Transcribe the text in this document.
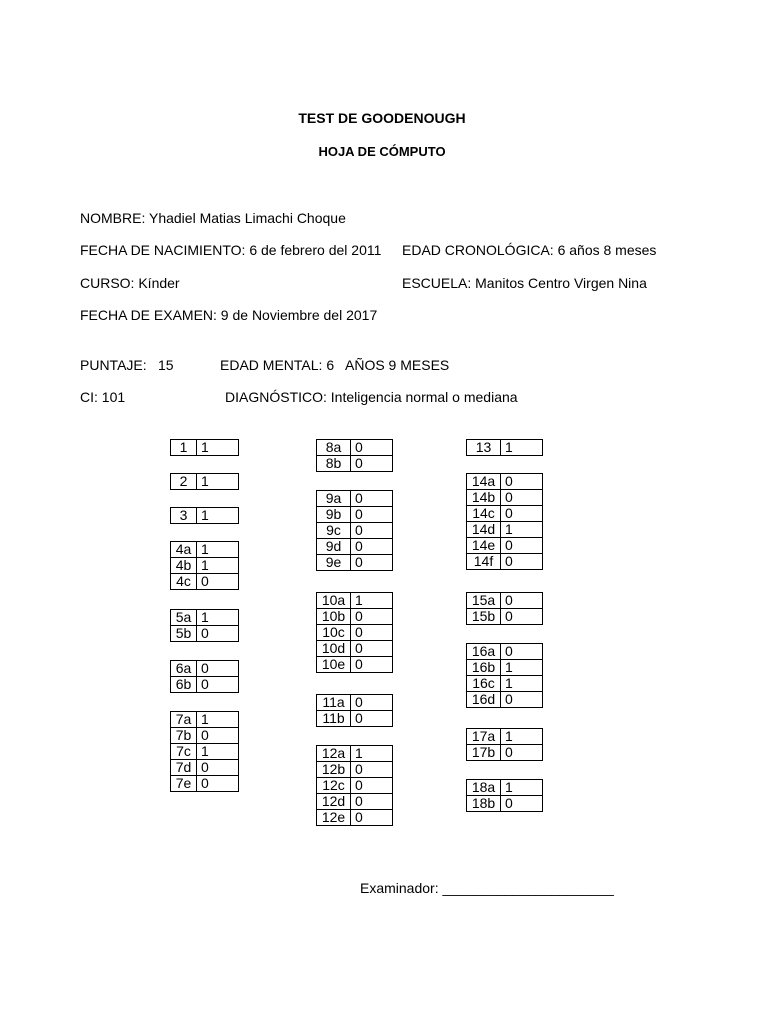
TEST DE GOODENOUGH
HOJA DE CÓMPUTO
NOMBRE: Yhadiel Matias Limachi Choque
FECHA DE NACIMIENTO: 6 de febrero del 2011 EDAD CRONOLÓGICA: 6 años 8 meses
CURSO: Kínder	ESCUELA: Manitos Centro Virgen Nina
FECHA DE EXAMEN: 9 de Noviembre del 2017
PUNTAJE: 15	EDAD MENTAL: 6   AÑOS 9 MESES
CI: 101	DIAGNÓSTICO: Inteligencia normal o mediana
1	1
2	1
3	1
4a	1
4b	1
4c	0
5a	1
5b	0
6a	0
6b	0
7a	1
7b	0
7c	1
7d	0
7e	0
8a	0
8b	0
9a	0
9b	0
9c	0
9d	0
9e	0
10a	1
10b	0
10c	0
10d	0
10e	0
11a	0
11b	0
12a	1
12b	0
12c	0
12d	0
12e	0
13	1
14a	0
14b	0
14c	0
14d	1
14e	0
14f	0
15a	0
15b	0
16a	0
16b	1
16c	1
16d	0
17a	1
17b	0
18a	1
18b	0
Examinador: ______________________
